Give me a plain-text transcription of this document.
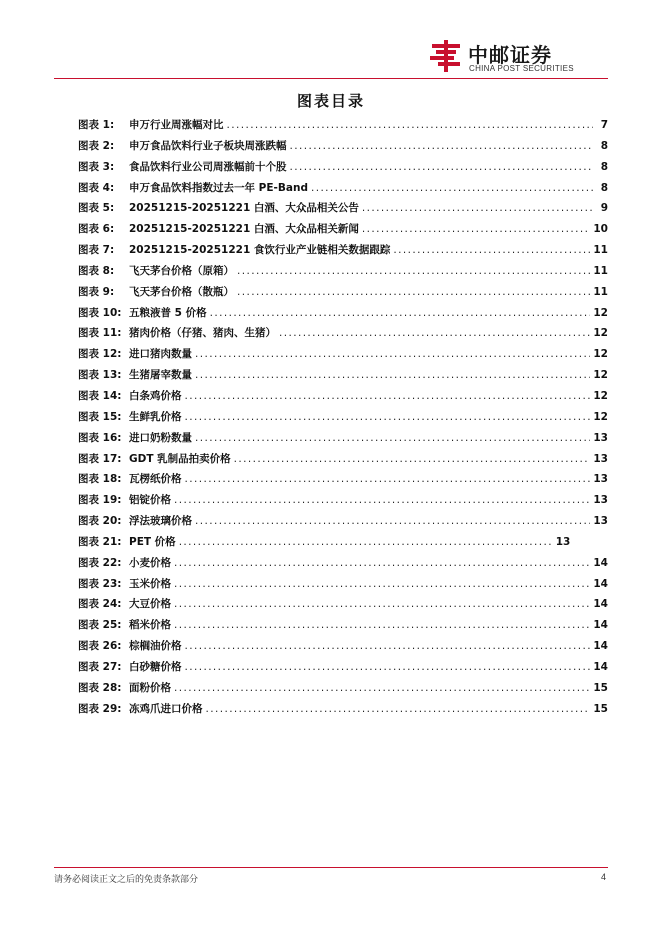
中邮证券
CHINA POST SECURITIES
图表目录
图表 1:	申万行业周涨幅对比 .....	7
图表 2:	申万食品饮料行业子板块周涨跌幅 .....	8
图表 3:	食品饮料行业公司周涨幅前十个股 .....	8
图表 4:	申万食品饮料指数过去一年 PE-Band .....	8
图表 5:	20251215-20251221 白酒、大众品相关公告 .....	9
图表 6:	20251215-20251221 白酒、大众品相关新闻 .....	10
图表 7:	20251215-20251221 食饮行业产业链相关数据跟踪 .....	11
图表 8:	飞天茅台价格（原箱） .....	11
图表 9:	飞天茅台价格（散瓶） .....	11
图表 10: 五粮液普 5 价格 .....	12
图表 11: 猪肉价格（仔猪、猪肉、生猪） .....	12
图表 12: 进口猪肉数量 .....	12
图表 13: 生猪屠宰数量 .....	12
图表 14: 白条鸡价格 .....	12
图表 15: 生鲜乳价格 .....	12
图表 16: 进口奶粉数量 .....	13
图表 17: GDT 乳制品拍卖价格 .....	13
图表 18: 瓦楞纸价格 .....	13
图表 19: 铝锭价格 .....	13
图表 20: 浮法玻璃价格 .....	13
图表 21: PET 价格 .....	13
图表 22: 小麦价格 .....	14
图表 23: 玉米价格 .....	14
图表 24: 大豆价格 .....	14
图表 25: 稻米价格 .....	14
图表 26: 棕榈油价格 .....	14
图表 27: 白砂糖价格 .....	14
图表 28: 面粉价格 .....	15
图表 29: 冻鸡爪进口价格 .....	15
请务必阅读正文之后的免责条款部分	4
